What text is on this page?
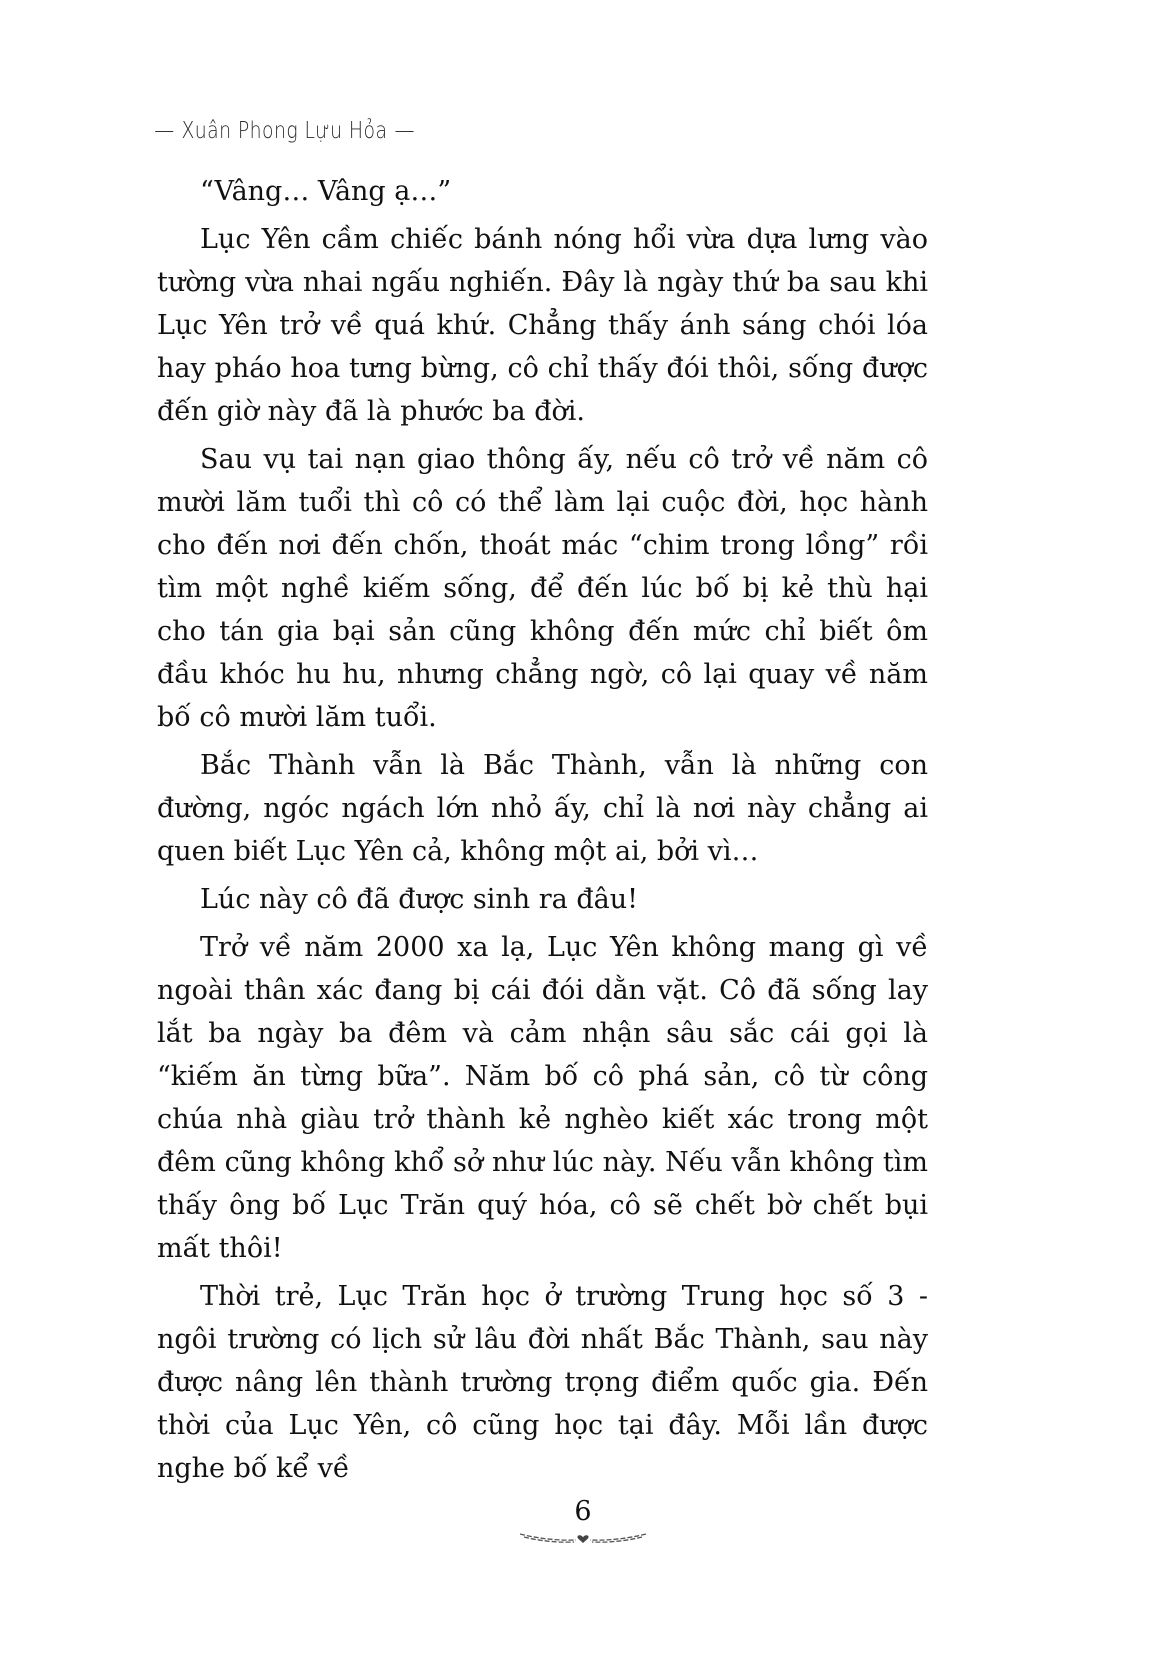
Xuân Phong Lựu Hỏa

“Vâng… Vâng ạ…”

Lục Yên cầm chiếc bánh nóng hổi vừa dựa lưng vào tường vừa nhai ngấu nghiến. Đây là ngày thứ ba sau khi Lục Yên trở về quá khứ. Chẳng thấy ánh sáng chói lóa hay pháo hoa tưng bừng, cô chỉ thấy đói thôi, sống được đến giờ này đã là phước ba đời.

Sau vụ tai nạn giao thông ấy, nếu cô trở về năm cô mười lăm tuổi thì cô có thể làm lại cuộc đời, học hành cho đến nơi đến chốn, thoát mác “chim trong lồng” rồi tìm một nghề kiếm sống, để đến lúc bố bị kẻ thù hại cho tán gia bại sản cũng không đến mức chỉ biết ôm đầu khóc hu hu, nhưng chẳng ngờ, cô lại quay về năm bố cô mười lăm tuổi.

Bắc Thành vẫn là Bắc Thành, vẫn là những con đường, ngóc ngách lớn nhỏ ấy, chỉ là nơi này chẳng ai quen biết Lục Yên cả, không một ai, bởi vì…

Lúc này cô đã được sinh ra đâu!

Trở về năm 2000 xa lạ, Lục Yên không mang gì về ngoài thân xác đang bị cái đói dằn vặt. Cô đã sống lay lắt ba ngày ba đêm và cảm nhận sâu sắc cái gọi là “kiếm ăn từng bữa”. Năm bố cô phá sản, cô từ công chúa nhà giàu trở thành kẻ nghèo kiết xác trong một đêm cũng không khổ sở như lúc này. Nếu vẫn không tìm thấy ông bố Lục Trăn quý hóa, cô sẽ chết bờ chết bụi mất thôi!

Thời trẻ, Lục Trăn học ở trường Trung học số 3 - ngôi trường có lịch sử lâu đời nhất Bắc Thành, sau này được nâng lên thành trường trọng điểm quốc gia. Đến thời của Lục Yên, cô cũng học tại đây. Mỗi lần được nghe bố kể về

6
